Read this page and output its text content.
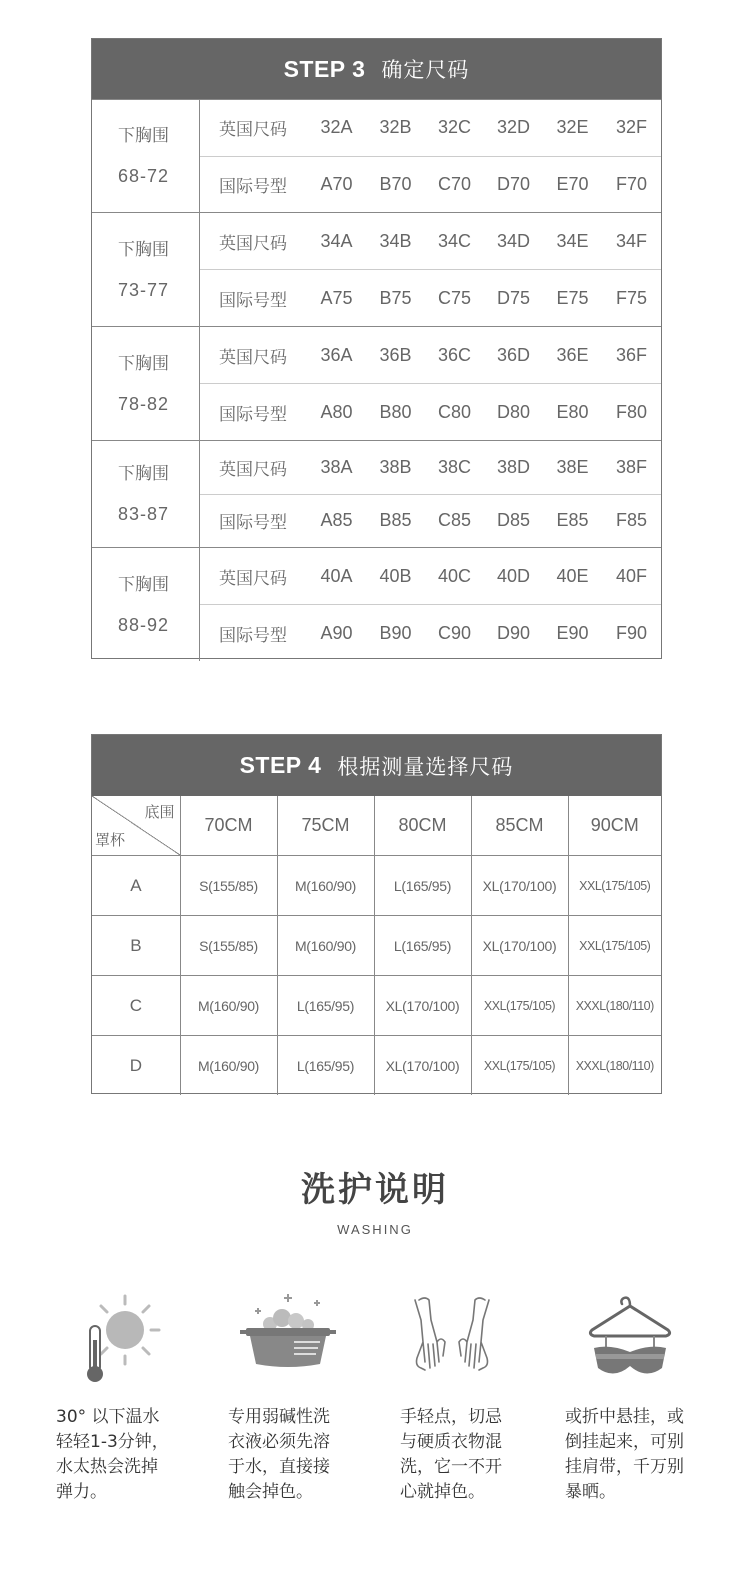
STEP 3 确定尺码
下胸围
68-72
英国尺码	32A	32B	32C	32D	32E	32F
国际号型	A70	B70	C70	D70	E70	F70
下胸围
73-77
英国尺码	34A	34B	34C	34D	34E	34F
国际号型	A75	B75	C75	D75	E75	F75
下胸围
78-82
英国尺码	36A	36B	36C	36D	36E	36F
国际号型	A80	B80	C80	D80	E80	F80
下胸围
83-87
英国尺码	38A	38B	38C	38D	38E	38F
国际号型	A85	B85	C85	D85	E85	F85
下胸围
88-92
英国尺码	40A	40B	40C	40D	40E	40F
国际号型	A90	B90	C90	D90	E90	F90
STEP 4 根据测量选择尺码
底围
罩杯	70CM	75CM	80CM	85CM	90CM
A	S(155/85)	M(160/90)	L(165/95)	XL(170/100)	XXL(175/105)
B	S(155/85)	M(160/90)	L(165/95)	XL(170/100)	XXL(175/105)
C	M(160/90)	L(165/95)	XL(170/100)	XXL(175/105)	XXXL(180/110)
D	M(160/90)	L(165/95)	XL(170/100)	XXL(175/105)	XXXL(180/110)
洗护说明
WASHING
30° 以下温水
轻轻1-3分钟，
水太热会洗掉
弹力。
专用弱碱性洗
衣液必须先溶
于水，直接接
触会掉色。
手轻点，切忌
与硬质衣物混
洗，它一不开
心就掉色。
或折中悬挂，或
倒挂起来，可别
挂肩带，千万别
暴晒。
